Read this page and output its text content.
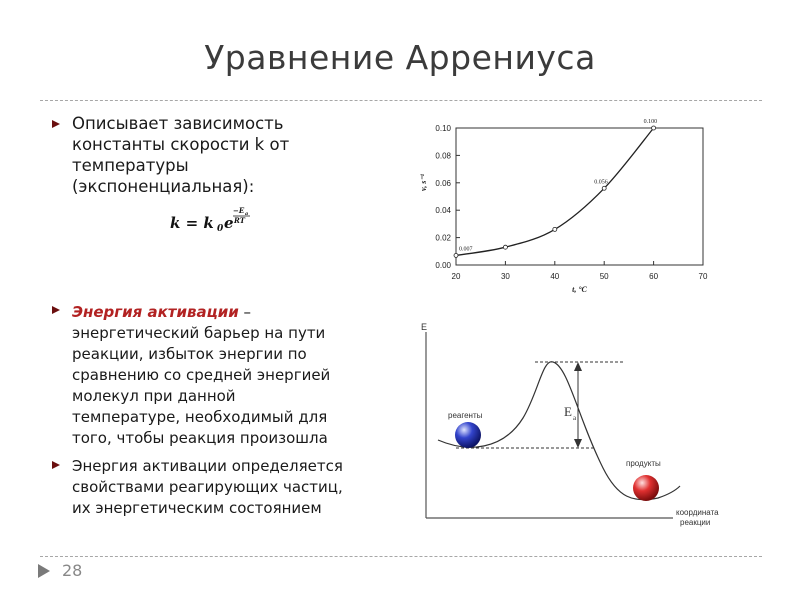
Уравнение Аррениуса
Описывает зависимость
константы скорости k от
температуры
(экспоненциальная):
k = k 0 e
−E a
RT
Энергия активации –
энергетический барьер на пути
реакции, избыток энергии по
сравнению со средней энергией
молекул при данной
температуре, необходимый для
того, чтобы реакция произошла
Энергия активации определяется
свойствами реагирующих частиц,
их энергетическим состоянием
0.00
0.02
0.04
0.06
0.08
0.10
20	30	40	50	60	70
t, °C
v, s⁻¹
0.007
0.056
0.100
E
E a
реагенты
продукты
координата
реакции
28
